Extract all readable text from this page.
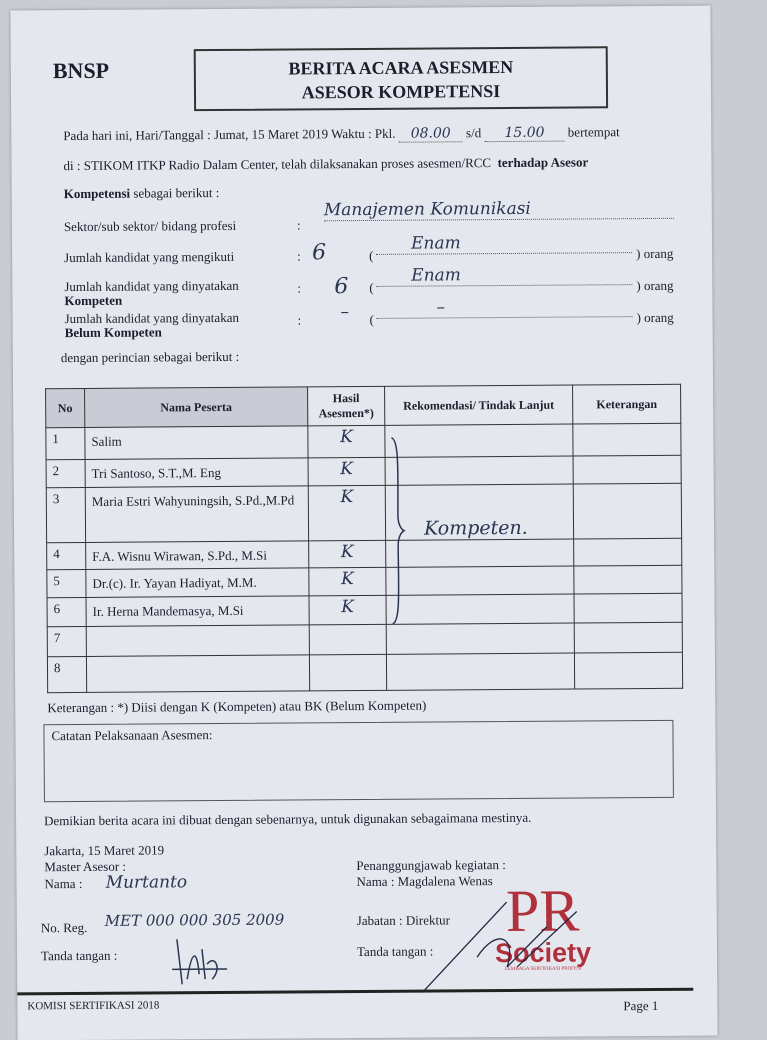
BNSP	BERITA ACARA ASESMEN
ASESOR KOMPETENSI
Pada hari ini, Hari/Tanggal : Jumat, 15 Maret 2019 Waktu : Pkl. 08.00 s/d 15.00 bertempat
di : STIKOM ITKP Radio Dalam Center, telah dilaksanakan proses asesmen/RCC terhadap Asesor
Kompetensi sebagai berikut :
Sektor/sub sektor/ bidang profesi	:
Manajemen Komunikasi
Jumlah kandidat yang mengikuti	: 6	(
Enam	) orang
Jumlah kandidat yang dinyatakan
Kompeten
: 6 (
Enam	) orang
Jumlah kandidat yang dinyatakan
Belum Kompeten
: – (
–	) orang
dengan perincian sebagai berikut :
No	Nama Peserta	Hasil Asesmen*)	Rekomendasi/ Tindak Lanjut	Keterangan
1	Salim	K		
2	Tri Santoso, S.T.,M. Eng	K		
3	Maria Estri Wahyuningsih, S.Pd.,M.Pd	K		
4	F.A. Wisnu Wirawan, S.Pd., M.Si	K		
5	Dr.(c). Ir. Yayan Hadiyat, M.M.	K		
6	Ir. Herna Mandemasya, M.Si	K		
7				
8				
Kompeten.
Keterangan : *) Diisi dengan K (Kompeten) atau BK (Belum Kompeten)
Catatan Pelaksanaan Asesmen:
Demikian berita acara ini dibuat dengan sebenarnya, untuk digunakan sebagaimana mestinya.
Jakarta, 15 Maret 2019
Master Asesor :
Nama : Murtanto
No. Reg. MET 000 000 305 2009
Tanda tangan :
Penanggungjawab kegiatan :
Nama : Magdalena Wenas
Jabatan : Direktur
Tanda tangan :
PR
Society
LEMBAGA SERTIFIKASI PROFESI
KOMISI SERTIFIKASI 2018	Page 1
